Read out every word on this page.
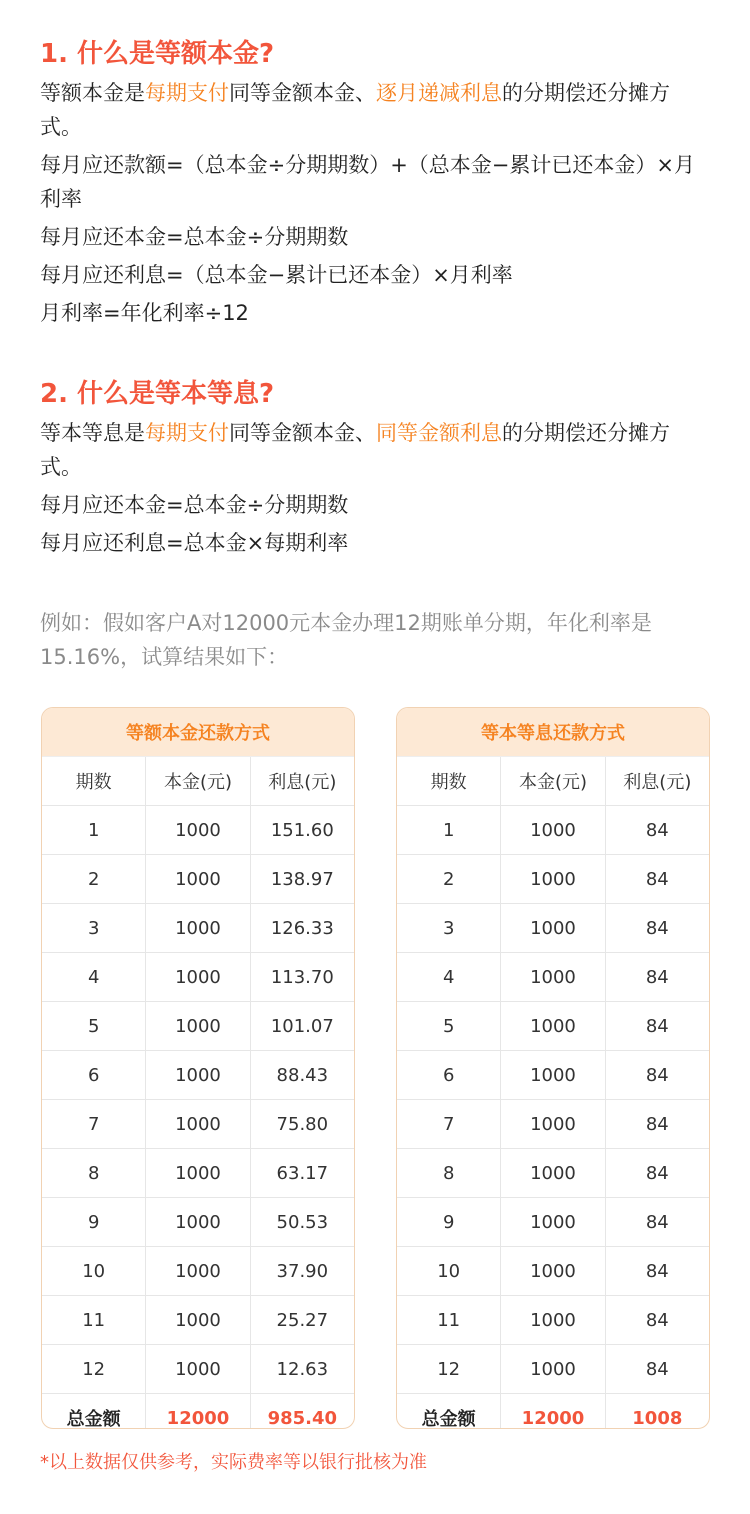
1. 什么是等额本金?
等额本金是每期支付同等金额本金、逐月递减利息的分期偿还分摊方式。
每月应还款额=（总本金÷分期期数）+（总本金−累计已还本金）×月利率
每月应还本金=总本金÷分期期数
每月应还利息=（总本金−累计已还本金）×月利率
月利率=年化利率÷12
2. 什么是等本等息?
等本等息是每期支付同等金额本金、同等金额利息的分期偿还分摊方式。
每月应还本金=总本金÷分期期数
每月应还利息=总本金×每期利率
例如：假如客户A对12000元本金办理12期账单分期，年化利率是15.16%，试算结果如下：
等额本金还款方式
期数	本金(元)	利息(元)
1	1000	151.60
2	1000	138.97
3	1000	126.33
4	1000	113.70
5	1000	101.07
6	1000	88.43
7	1000	75.80
8	1000	63.17
9	1000	50.53
10	1000	37.90
11	1000	25.27
12	1000	12.63
总金额	12000	985.40
等本等息还款方式
期数	本金(元)	利息(元)
1	1000	84
2	1000	84
3	1000	84
4	1000	84
5	1000	84
6	1000	84
7	1000	84
8	1000	84
9	1000	84
10	1000	84
11	1000	84
12	1000	84
总金额	12000	1008
*以上数据仅供参考，实际费率等以银行批核为准
